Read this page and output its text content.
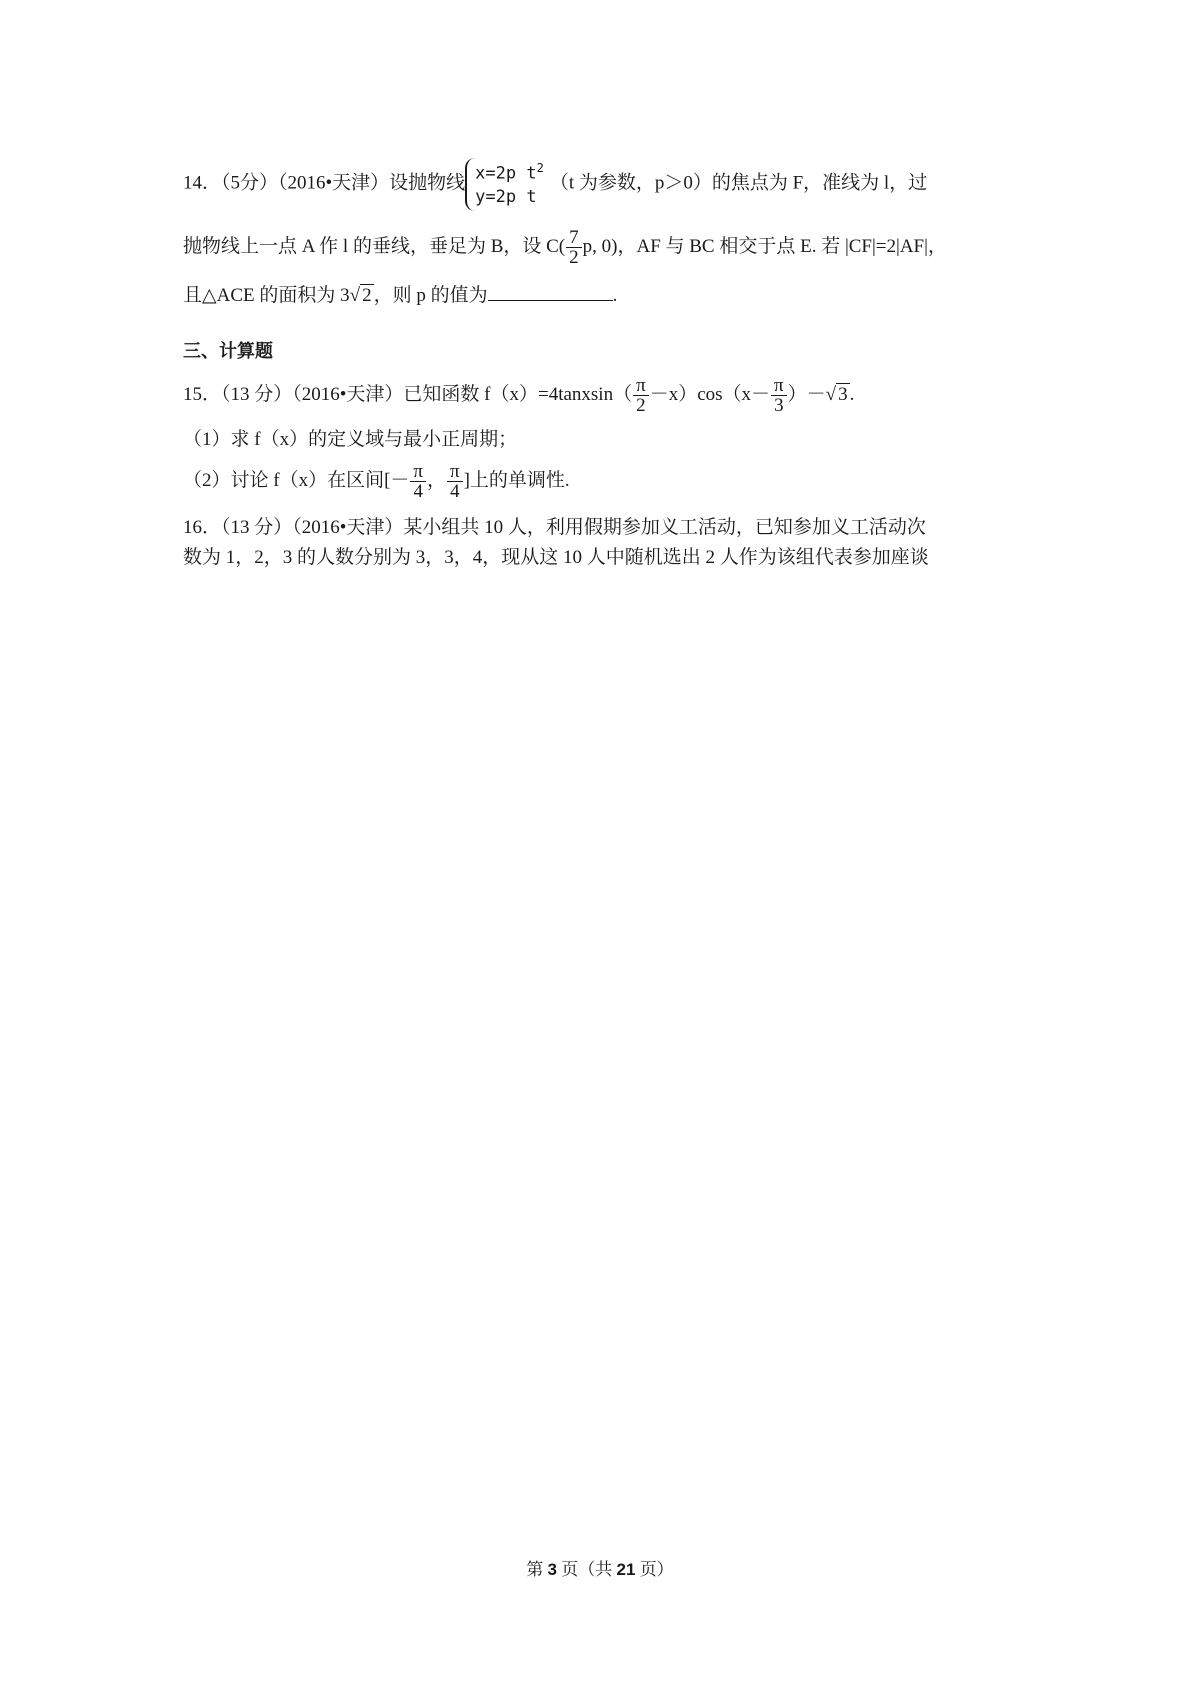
14．（5分）（2016•天津）设抛物线 x=2p $t^2$
y=2p t（t 为参数，p＞0）的焦点为 F，准线为 l，过
抛物线上一点 A 作 l 的垂线，垂足为 B，设 $C( \frac{7}{2} p$, 0)，AF 与 BC 相交于点 E. 若 |CF|=2|AF|，
且△ACE 的面积为 3√ 2 ，则 p 的值为	.
三、计算题
15．（13 分）（2016•天津）已知函数 f（x）=4tanxsin（ $\frac{\pi}{2} -x)\cos(x- \frac{\pi}{3}$ ）－√ 3 .
（1）求 f（x）的定义域与最小正周期；
（2）讨论 f（x）在区间[－ $\frac{\pi}{4}$ ， $\frac{\pi}{4}$ ]上的单调性.
16．（13 分）（2016•天津）某小组共 10 人，利用假期参加义工活动，已知参加义工活动次
数为 1，2，3 的人数分别为 3，3，4，现从这 10 人中随机选出 2 人作为该组代表参加座谈
第 3 页（共 21 页）
